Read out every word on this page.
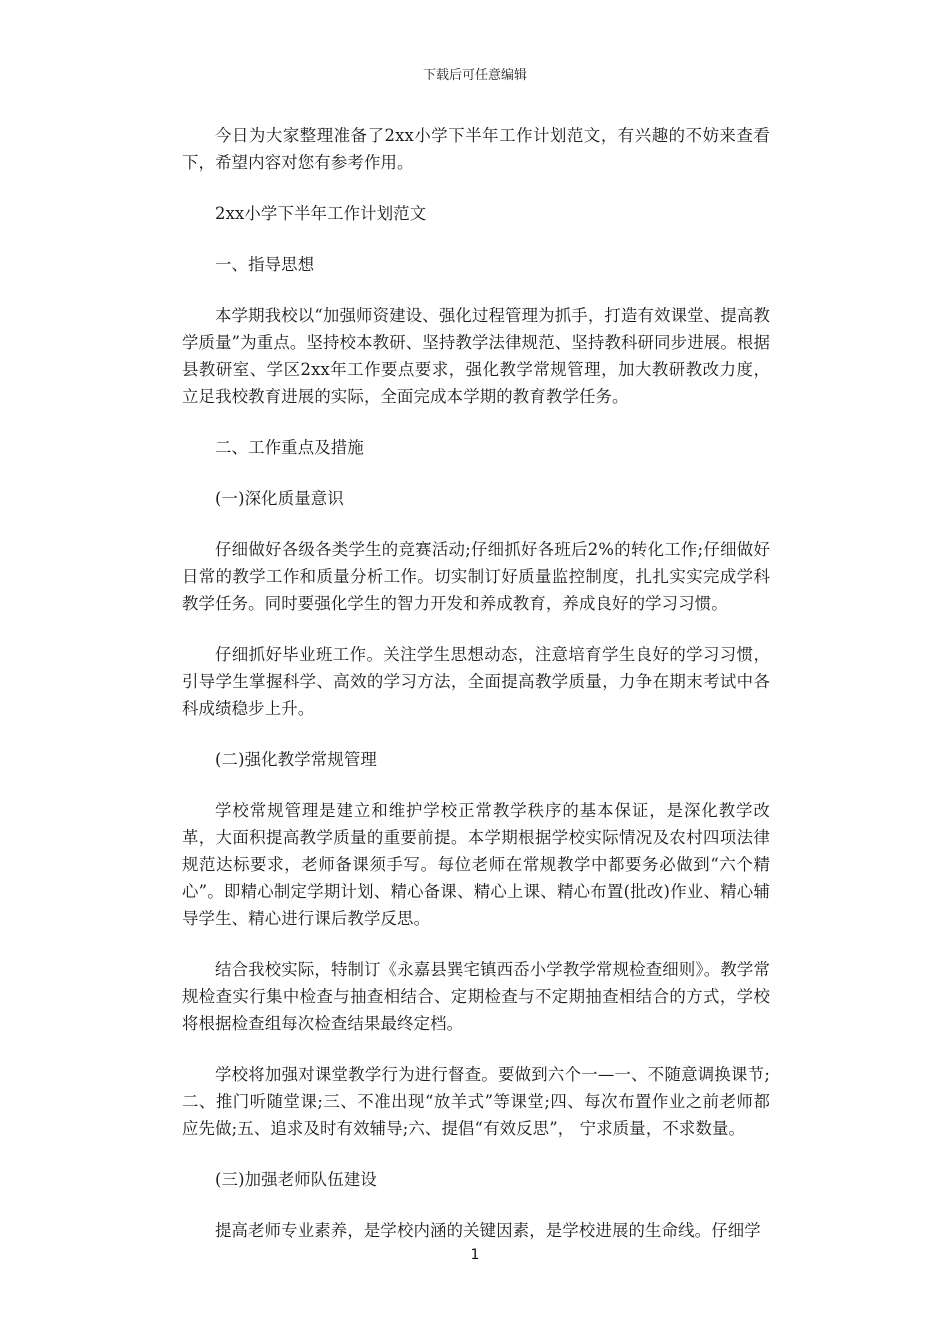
下载后可任意编辑

今日为大家整理准备了2xx小学下半年工作计划范文，有兴趣的不妨来查看下，希望内容对您有参考作用。

2xx小学下半年工作计划范文

一、指导思想

本学期我校以“加强师资建设、强化过程管理为抓手，打造有效课堂、提高教学质量”为重点。坚持校本教研、坚持教学法律规范、坚持教科研同步进展。根据县教研室、学区2xx年工作要点要求，强化教学常规管理，加大教研教改力度，立足我校教育进展的实际，全面完成本学期的教育教学任务。

二、工作重点及措施

(一)深化质量意识

仔细做好各级各类学生的竞赛活动;仔细抓好各班后2%的转化工作;仔细做好日常的教学工作和质量分析工作。切实制订好质量监控制度，扎扎实实完成学科教学任务。同时要强化学生的智力开发和养成教育，养成良好的学习习惯。

仔细抓好毕业班工作。关注学生思想动态，注意培育学生良好的学习习惯，引导学生掌握科学、高效的学习方法，全面提高教学质量，力争在期末考试中各科成绩稳步上升。

(二)强化教学常规管理

学校常规管理是建立和维护学校正常教学秩序的基本保证，是深化教学改革，大面积提高教学质量的重要前提。本学期根据学校实际情况及农村四项法律规范达标要求，老师备课须手写。每位老师在常规教学中都要务必做到“六个精心”。即精心制定学期计划、精心备课、精心上课、精心布置(批改)作业、精心辅导学生、精心进行课后教学反思。

结合我校实际，特制订《永嘉县巽宅镇西岙小学教学常规检查细则》。教学常规检查实行集中检查与抽查相结合、定期检查与不定期抽查相结合的方式，学校将根据检查组每次检查结果最终定档。

学校将加强对课堂教学行为进行督查。要做到六个一—一、不随意调换课节;二、推门听随堂课;三、不准出现“放羊式”等课堂;四、每次布置作业之前老师都应先做;五、追求及时有效辅导;六、提倡“有效反思”， 宁求质量，不求数量。

(三)加强老师队伍建设

提高老师专业素养，是学校内涵的关键因素，是学校进展的生命线。仔细学

1
